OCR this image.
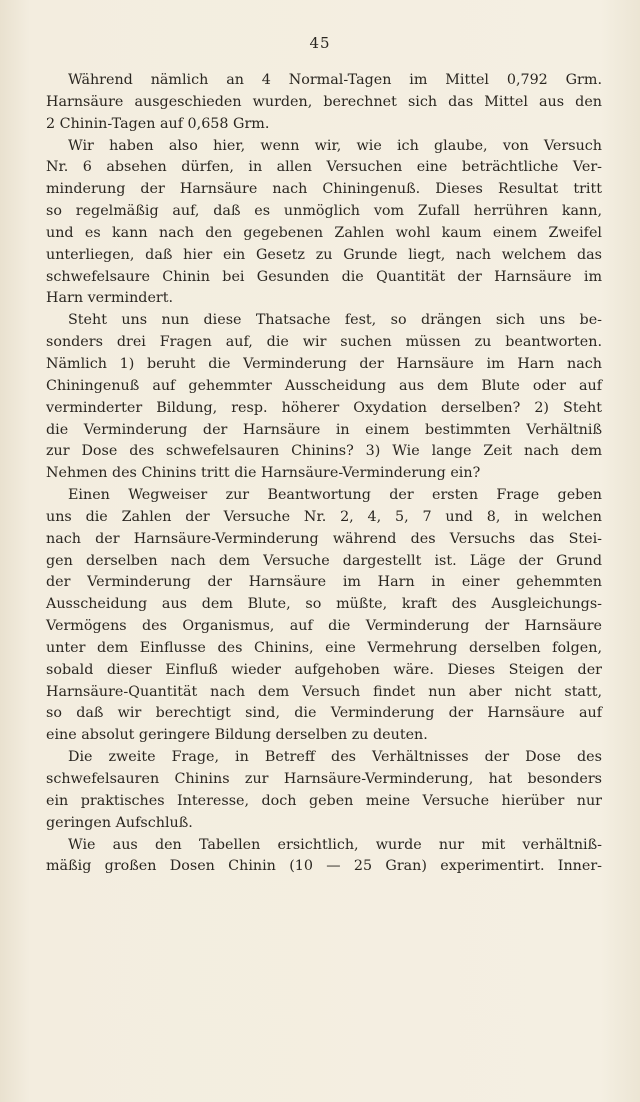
45

Während nämlich an 4 Normal-Tagen im Mittel 0,792 Grm.
Harnsäure ausgeschieden wurden, berechnet sich das Mittel aus den
2 Chinin-Tagen auf 0,658 Grm.

Wir haben also hier, wenn wir, wie ich glaube, von Versuch
Nr. 6 absehen dürfen, in allen Versuchen eine beträchtliche Ver-
minderung der Harnsäure nach Chiningenuß. Dieses Resultat tritt
so regelmäßig auf, daß es unmöglich vom Zufall herrühren kann,
und es kann nach den gegebenen Zahlen wohl kaum einem Zweifel
unterliegen, daß hier ein Gesetz zu Grunde liegt, nach welchem das
schwefelsaure Chinin bei Gesunden die Quantität der Harnsäure im
Harn vermindert.

Steht uns nun diese Thatsache fest, so drängen sich uns be-
sonders drei Fragen auf, die wir suchen müssen zu beantworten.
Nämlich 1) beruht die Verminderung der Harnsäure im Harn nach
Chiningenuß auf gehemmter Ausscheidung aus dem Blute oder auf
verminderter Bildung, resp. höherer Oxydation derselben? 2) Steht
die Verminderung der Harnsäure in einem bestimmten Verhältniß
zur Dose des schwefelsauren Chinins? 3) Wie lange Zeit nach dem
Nehmen des Chinins tritt die Harnsäure-Verminderung ein?

Einen Wegweiser zur Beantwortung der ersten Frage geben
uns die Zahlen der Versuche Nr. 2, 4, 5, 7 und 8, in welchen
nach der Harnsäure-Verminderung während des Versuchs das Stei-
gen derselben nach dem Versuche dargestellt ist. Läge der Grund
der Verminderung der Harnsäure im Harn in einer gehemmten
Ausscheidung aus dem Blute, so müßte, kraft des Ausgleichungs-
Vermögens des Organismus, auf die Verminderung der Harnsäure
unter dem Einflusse des Chinins, eine Vermehrung derselben folgen,
sobald dieser Einfluß wieder aufgehoben wäre. Dieses Steigen der
Harnsäure-Quantität nach dem Versuch findet nun aber nicht statt,
so daß wir berechtigt sind, die Verminderung der Harnsäure auf
eine absolut geringere Bildung derselben zu deuten.

Die zweite Frage, in Betreff des Verhältnisses der Dose des
schwefelsauren Chinins zur Harnsäure-Verminderung, hat besonders
ein praktisches Interesse, doch geben meine Versuche hierüber nur
geringen Aufschluß.

Wie aus den Tabellen ersichtlich, wurde nur mit verhältniß-
mäßig großen Dosen Chinin (10 — 25 Gran) experimentirt. Inner-
